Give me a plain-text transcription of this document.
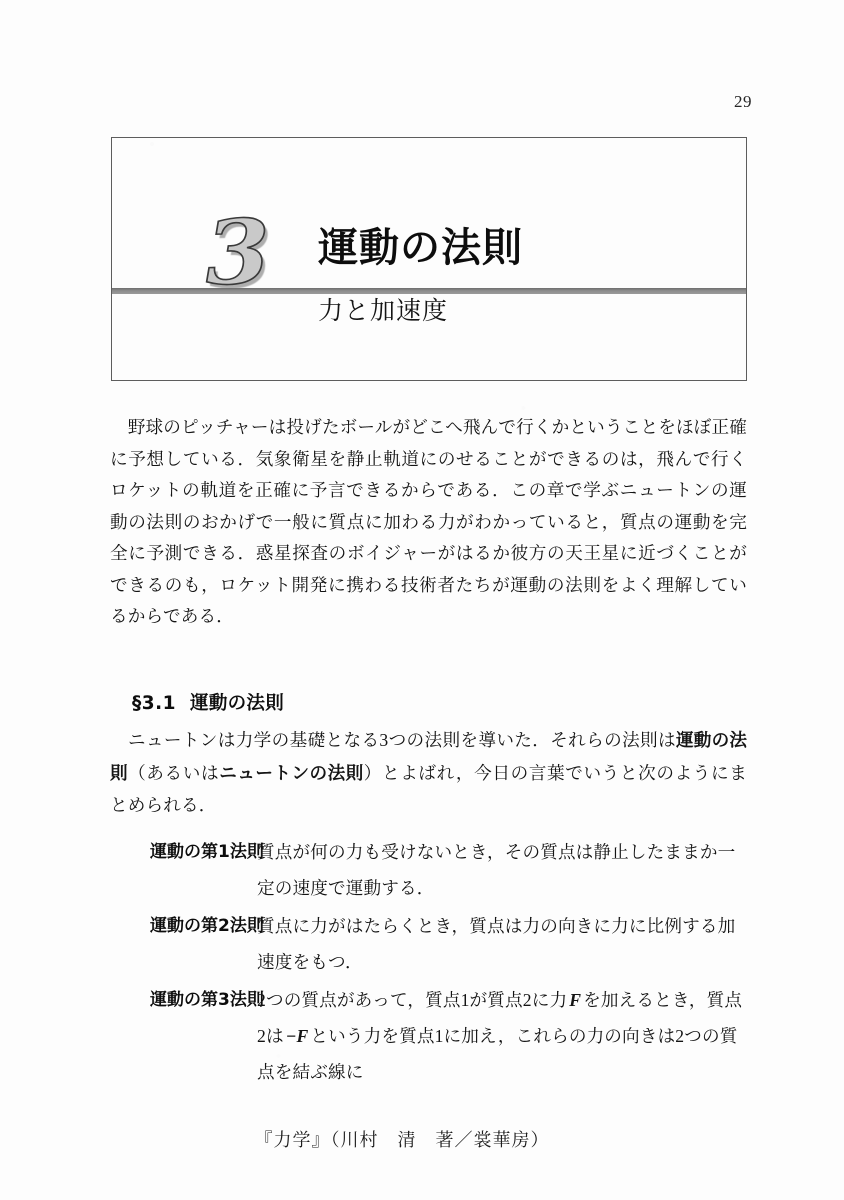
29
3 運動の法則
力と加速度

　野球のピッチャーは投げたボールがどこへ飛んで行くかということをほぼ正確に予想している．気象衛星を静止軌道にのせることができるのは，飛んで行くロケットの軌道を正確に予言できるからである．この章で学ぶニュートンの運動の法則のおかげで一般に質点に加わる力がわかっていると，質点の運動を完全に予測できる．惑星探査のボイジャーがはるか彼方の天王星に近づくことができるのも，ロケット開発に携わる技術者たちが運動の法則をよく理解しているからである．

§3.1 運動の法則

　ニュートンは力学の基礎となる3つの法則を導いた．それらの法則は運動の法則（あるいはニュートンの法則）とよばれ，今日の言葉でいうと次のようにまとめられる．

運動の第1法則
質点が何の力も受けないとき，その質点は静止したままか一定の速度で運動する．
運動の第2法則
質点に力がはたらくとき，質点は力の向きに力に比例する加速度をもつ．
運動の第3法則
2つの質点があって，質点1が質点2に力 F を加えるとき，質点2は −F という力を質点1に加え，これらの力の向きは2つの質点を結ぶ線に
『力学』（川村　清　著／裳華房）
